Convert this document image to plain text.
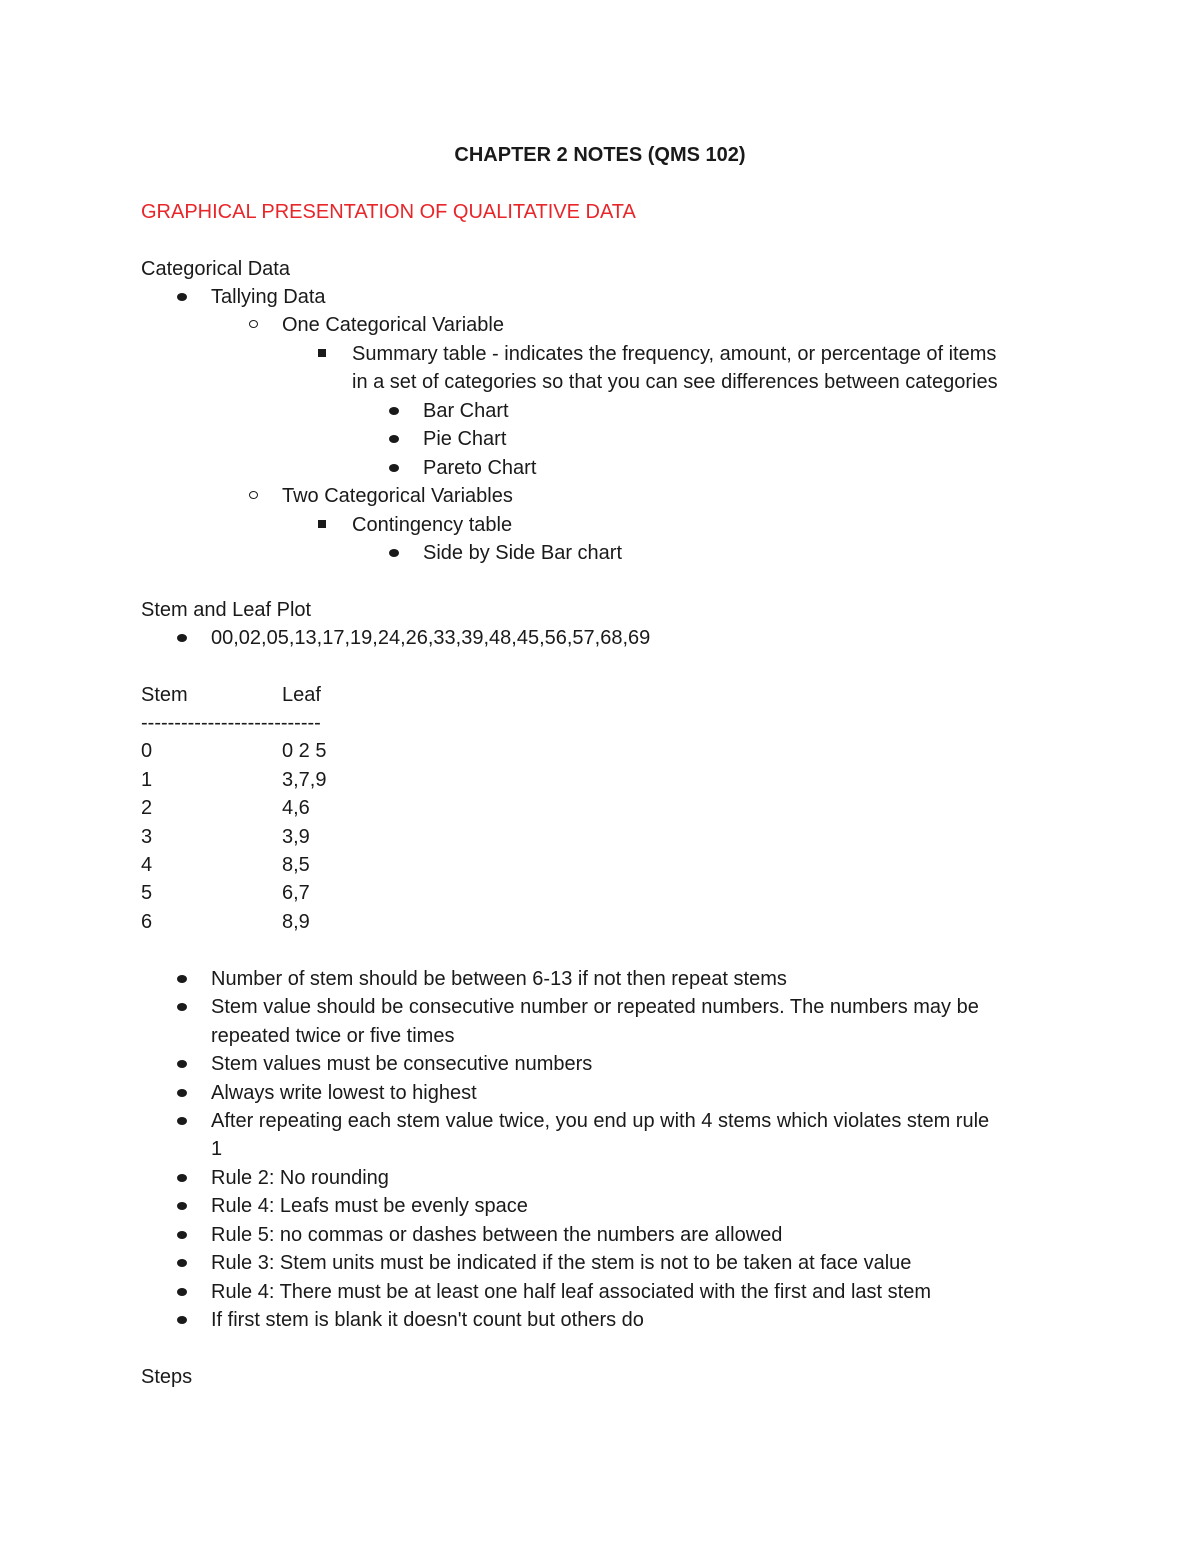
CHAPTER 2 NOTES (QMS 102)
GRAPHICAL PRESENTATION OF QUALITATIVE DATA
Categorical Data
Tallying Data
One Categorical Variable
Summary table - indicates the frequency, amount, or percentage of items
in a set of categories so that you can see differences between categories
Bar Chart
Pie Chart
Pareto Chart
Two Categorical Variables
Contingency table
Side by Side Bar chart
Stem and Leaf Plot
00,02,05,13,17,19,24,26,33,39,48,45,56,57,68,69
Stem	Leaf
---------------------------
0	0 2 5
1	3,7,9
2	4,6
3	3,9
4	8,5
5	6,7
6	8,9
Number of stem should be between 6-13 if not then repeat stems
Stem value should be consecutive number or repeated numbers. The numbers may be
repeated twice or five times
Stem values must be consecutive numbers
Always write lowest to highest
After repeating each stem value twice, you end up with 4 stems which violates stem rule
1
Rule 2: No rounding
Rule 4: Leafs must be evenly space
Rule 5: no commas or dashes between the numbers are allowed
Rule 3: Stem units must be indicated if the stem is not to be taken at face value
Rule 4: There must be at least one half leaf associated with the first and last stem
If first stem is blank it doesn't count but others do
Steps
